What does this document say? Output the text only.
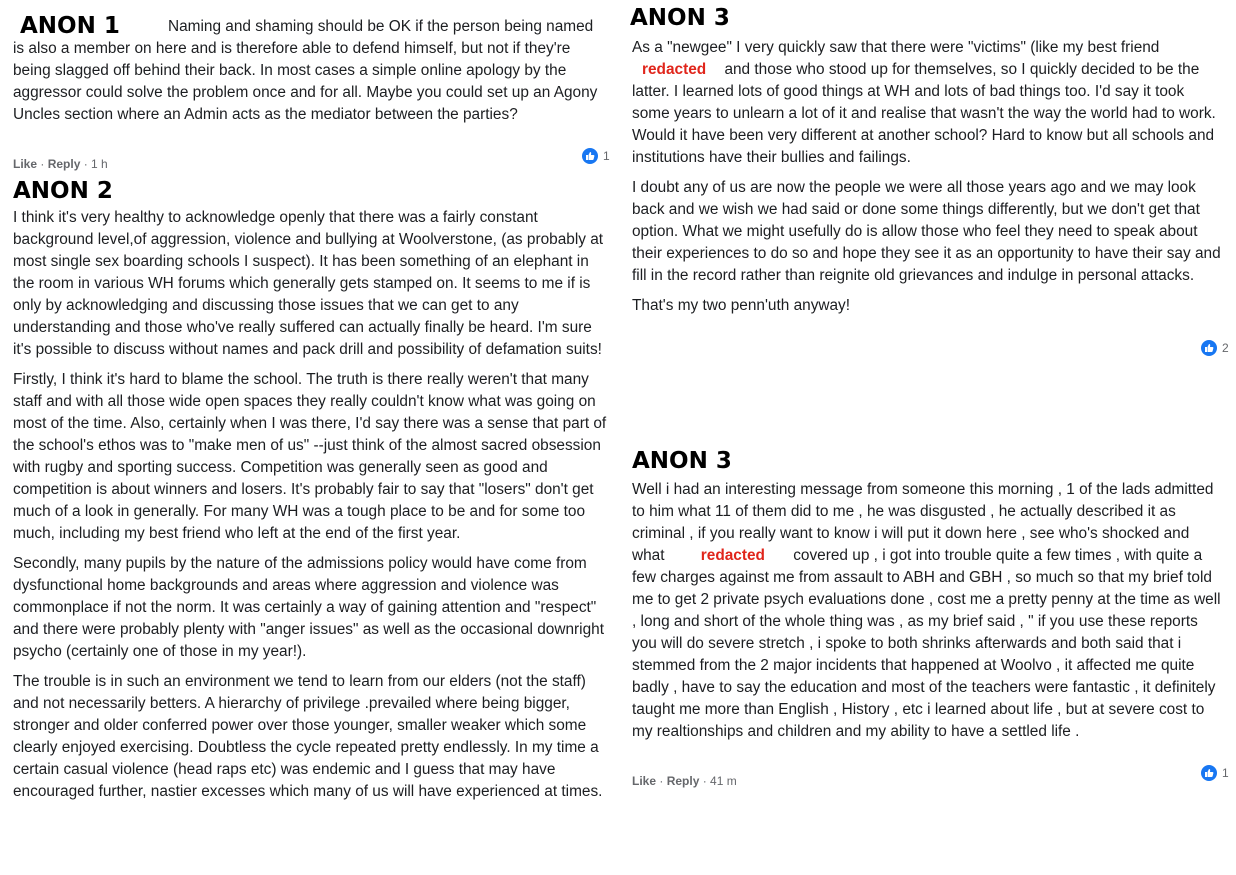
ANON 1	Naming and shaming should be OK if the person being named is also a member on here and is therefore able to defend himself, but not if they're being slagged off behind their back. In most cases a simple online apology by the aggressor could solve the problem once and for all. Maybe you could set up an Agony Uncles section where an Admin acts as the mediator between the parties?

Like · Reply · 1 h
1
ANON 2

I think it's very healthy to acknowledge openly that there was a fairly constant background level,of aggression, violence and bullying at Woolverstone, (as probably at most single sex boarding schools I suspect). It has been something of an elephant in the room in various WH forums which generally gets stamped on. It seems to me if is only by acknowledging and discussing those issues that we can get to any understanding and those who've really suffered can actually finally be heard. I'm sure it's possible to discuss without names and pack drill and possibility of defamation suits!

Firstly, I think it's hard to blame the school. The truth is there really weren't that many staff and with all those wide open spaces they really couldn't know what was going on most of the time. Also, certainly when I was there, I'd say there was a sense that part of the school's ethos was to "make men of us" --just think of the almost sacred obsession with rugby and sporting success. Competition was generally seen as good and competition is about winners and losers. It's probably fair to say that "losers" don't get much of a look in generally. For many WH was a tough place to be and for some too much, including my best friend who left at the end of the first year.

Secondly, many pupils by the nature of the admissions policy would have come from dysfunctional home backgrounds and areas where aggression and violence was commonplace if not the norm. It was certainly a way of gaining attention and "respect" and there were probably plenty with "anger issues" as well as the occasional downright psycho (certainly one of those in my year!).

The trouble is in such an environment we tend to learn from our elders (not the staff) and not necessarily betters. A hierarchy of privilege .prevailed where being bigger, stronger and older conferred power over those younger, smaller weaker which some clearly enjoyed exercising. Doubtless the cycle repeated pretty endlessly. In my time a certain casual violence (head raps etc) was endemic and I guess that may have encouraged further, nastier excesses which many of us will have experienced at times.

ANON 3

As a "newgee" I very quickly saw that there were "victims" (like my best friend redacted and those who stood up for themselves, so I quickly decided to be the latter. I learned lots of good things at WH and lots of bad things too. I'd say it took some years to unlearn a lot of it and realise that wasn't the way the world had to work. Would it have been very different at another school? Hard to know but all schools and institutions have their bullies and failings.

I doubt any of us are now the people we were all those years ago and we may look back and we wish we had said or done some things differently, but we don't get that option. What we might usefully do is allow those who feel they need to speak about their experiences to do so and hope they see it as an opportunity to have their say and fill in the record rather than reignite old grievances and indulge in personal attacks.

That's my two penn'uth anyway!

2
ANON 3

Well i had an interesting message from someone this morning , 1 of the lads admitted to him what 11 of them did to me , he was disgusted , he actually described it as criminal , if you really want to know i will put it down here , see who's shocked and what redacted covered up , i got into trouble quite a few times , with quite a few charges against me from assault to ABH and GBH , so much so that my brief told me to get 2 private psych evaluations done , cost me a pretty penny at the time as well , long and short of the whole thing was , as my brief said , " if you use these reports you will do severe stretch , i spoke to both shrinks afterwards and both said that i stemmed from the 2 major incidents that happened at Woolvo , it affected me quite badly , have to say the education and most of the teachers were fantastic , it definitely taught me more than English , History , etc i learned about life , but at severe cost to my realtionships and children and my ability to have a settled life .

Like · Reply · 41 m
1
